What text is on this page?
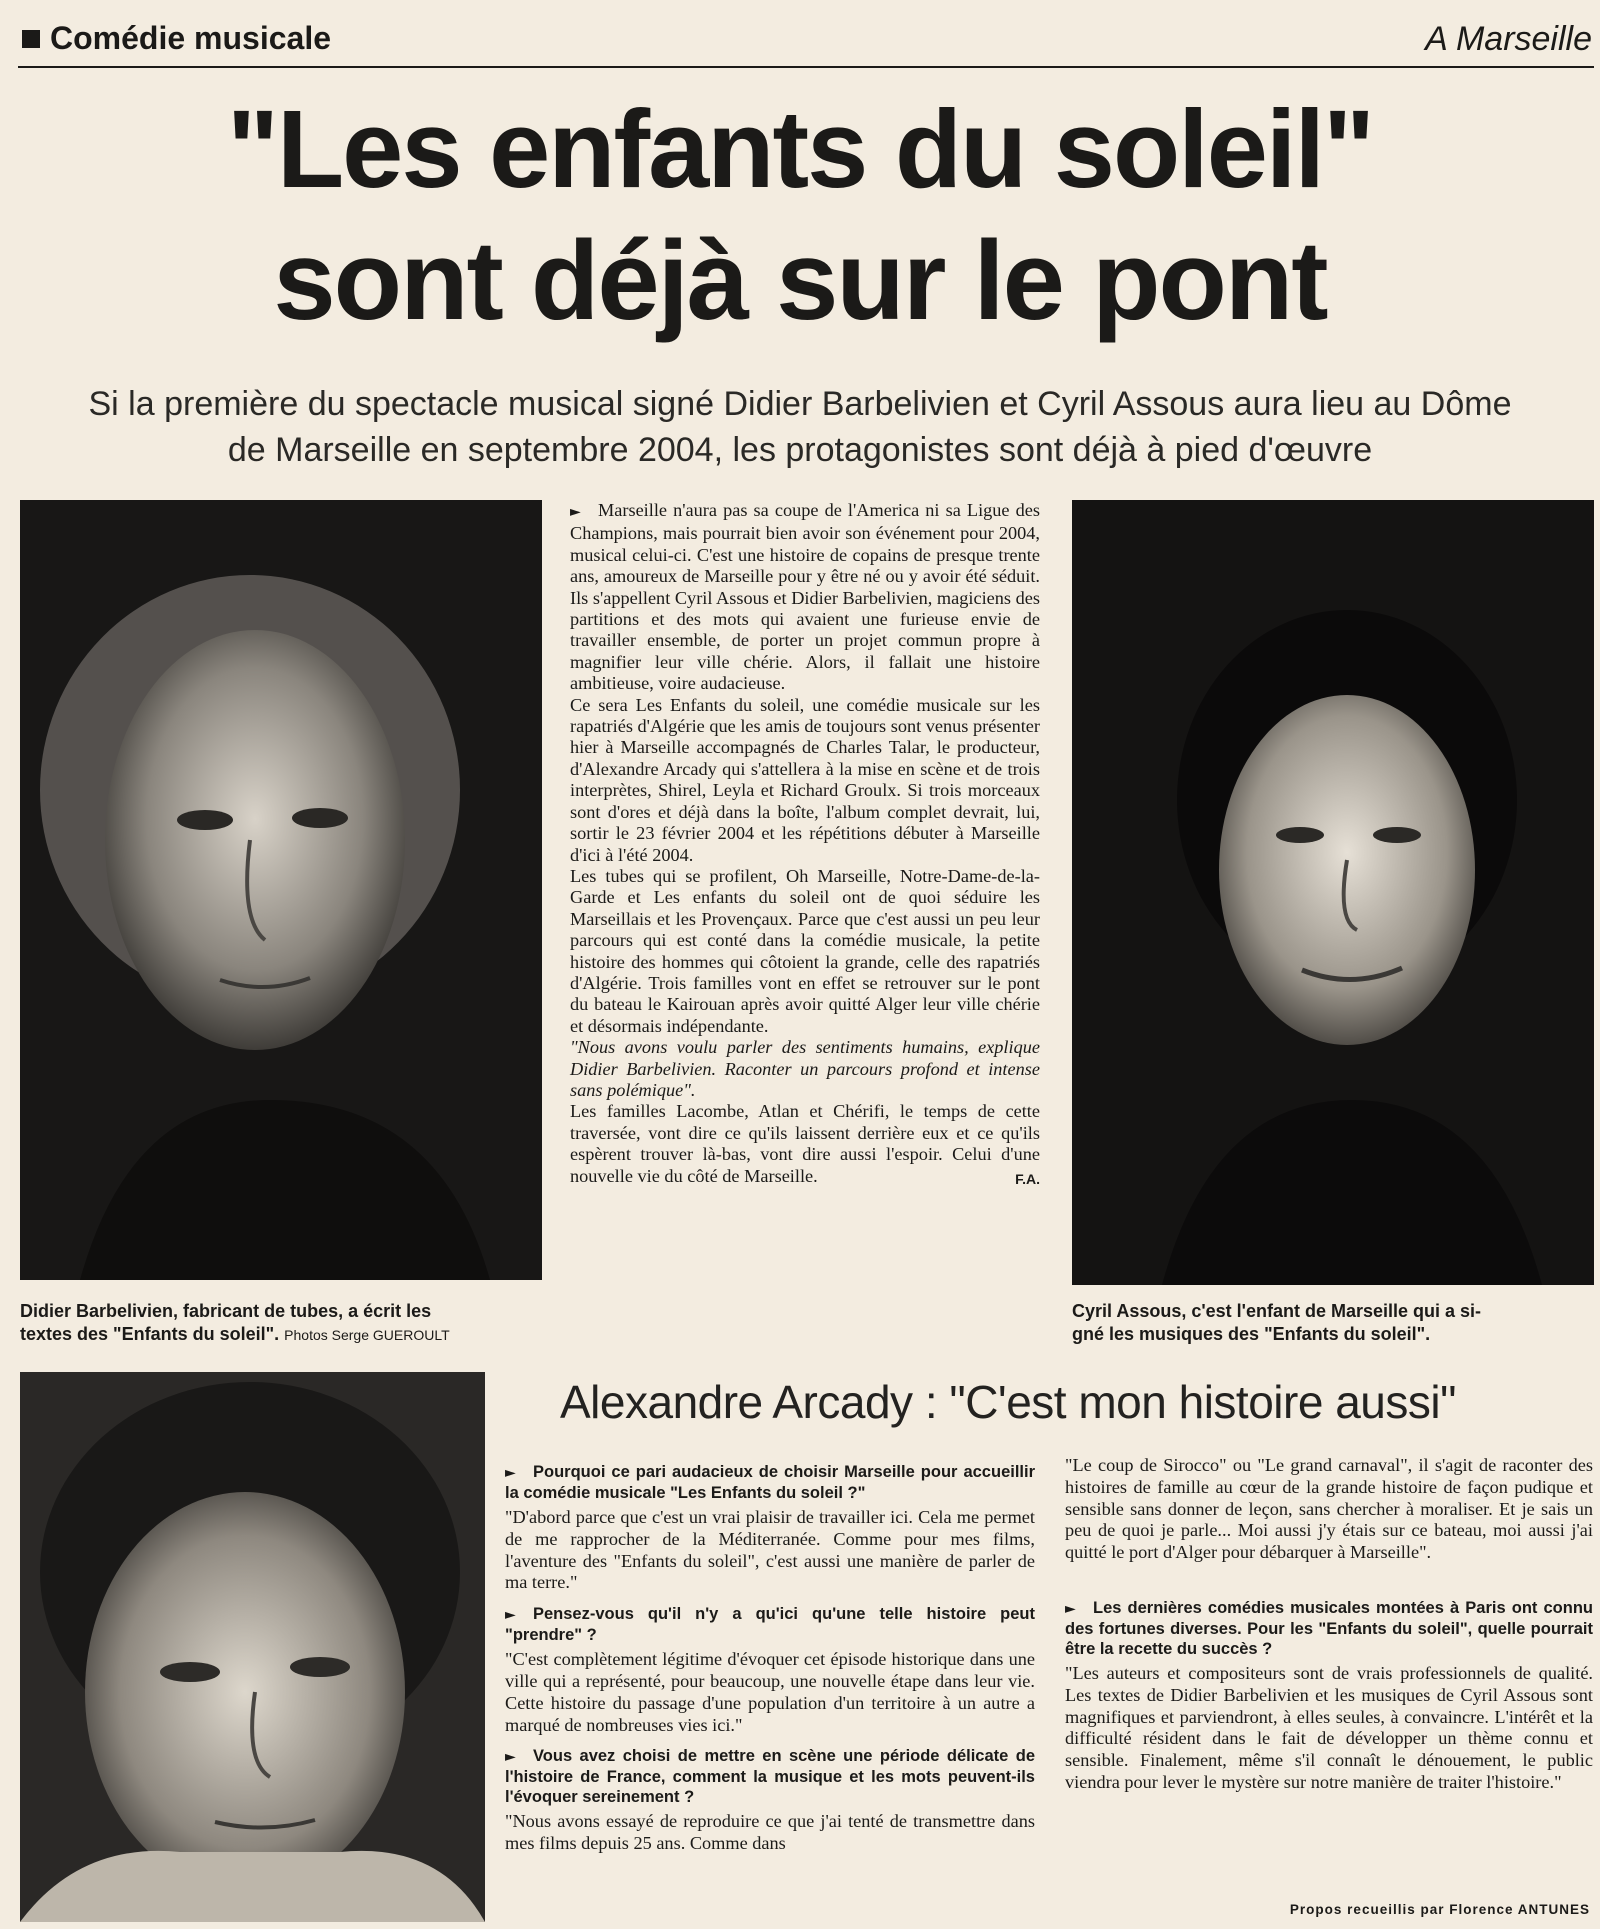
Comédie musicale	A Marseille
"Les enfants du soleil"
sont déjà sur le pont
Si la première du spectacle musical signé Didier Barbelivien et Cyril Assous aura lieu au Dôme
de Marseille en septembre 2004, les protagonistes sont déjà à pied d'œuvre
Didier Barbelivien, fabricant de tubes, a écrit les
textes des "Enfants du soleil". Photos Serge GUEROULT
Cyril Assous, c'est l'enfant de Marseille qui a si-
gné les musiques des "Enfants du soleil".

► Marseille n'aura pas sa coupe de l'America ni sa Ligue des Champions, mais pourrait bien avoir son événement pour 2004, musical celui-ci. C'est une histoire de copains de presque trente ans, amoureux de Marseille pour y être né ou y avoir été séduit. Ils s'appellent Cyril Assous et Didier Barbelivien, magiciens des partitions et des mots qui avaient une furieuse envie de travailler ensemble, de porter un projet commun propre à magnifier leur ville chérie. Alors, il fallait une histoire ambitieuse, voire audacieuse.

Ce sera Les Enfants du soleil, une comédie musicale sur les rapatriés d'Algérie que les amis de toujours sont venus présenter hier à Marseille accompagnés de Charles Talar, le producteur, d'Alexandre Arcady qui s'attellera à la mise en scène et de trois interprètes, Shirel, Leyla et Richard Groulx. Si trois morceaux sont d'ores et déjà dans la boîte, l'album complet devrait, lui, sortir le 23 février 2004 et les répétitions débuter à Marseille d'ici à l'été 2004.

Les tubes qui se profilent, Oh Marseille, Notre-Dame-de-la-Garde et Les enfants du soleil ont de quoi séduire les Marseillais et les Provençaux. Parce que c'est aussi un peu leur parcours qui est conté dans la comédie musicale, la petite histoire des hommes qui côtoient la grande, celle des rapatriés d'Algérie. Trois familles vont en effet se retrouver sur le pont du bateau le Kairouan après avoir quitté Alger leur ville chérie et désormais indépendante.

"Nous avons voulu parler des sentiments humains, explique Didier Barbelivien. Raconter un parcours profond et intense sans polémique".

Les familles Lacombe, Atlan et Chérifi, le temps de cette traversée, vont dire ce qu'ils laissent derrière eux et ce qu'ils espèrent trouver là-bas, vont dire aussi l'espoir. Celui d'une nouvelle vie du côté de Marseille.	F.A.
Alexandre Arcady : "C'est mon histoire aussi"
► Pourquoi ce pari audacieux de choisir Marseille pour accueillir la comédie musicale "Les Enfants du soleil ?"
"D'abord parce que c'est un vrai plaisir de travailler ici. Cela me permet de me rapprocher de la Méditerranée. Comme pour mes films, l'aventure des "Enfants du soleil", c'est aussi une manière de parler de ma terre."
► Pensez-vous qu'il n'y a qu'ici qu'une telle histoire peut "prendre" ?
"C'est complètement légitime d'évoquer cet épisode historique dans une ville qui a représenté, pour beaucoup, une nouvelle étape dans leur vie. Cette histoire du passage d'une population d'un territoire à un autre a marqué de nombreuses vies ici."
► Vous avez choisi de mettre en scène une période délicate de l'histoire de France, comment la musique et les mots peuvent-ils l'évoquer sereinement ?
"Nous avons essayé de reproduire ce que j'ai tenté de transmettre dans mes films depuis 25 ans. Comme dans
"Le coup de Sirocco" ou "Le grand carnaval", il s'agit de raconter des histoires de famille au cœur de la grande histoire de façon pudique et sensible sans donner de leçon, sans chercher à moraliser. Et je sais un peu de quoi je parle... Moi aussi j'y étais sur ce bateau, moi aussi j'ai quitté le port d'Alger pour débarquer à Marseille".
► Les dernières comédies musicales montées à Paris ont connu des fortunes diverses. Pour les "Enfants du soleil", quelle pourrait être la recette du succès ?
"Les auteurs et compositeurs sont de vrais professionnels de qualité. Les textes de Didier Barbelivien et les musiques de Cyril Assous sont magnifiques et parviendront, à elles seules, à convaincre. L'intérêt et la difficulté résident dans le fait de développer un thème connu et sensible. Finalement, même s'il connaît le dénouement, le public viendra pour lever le mystère sur notre manière de traiter l'histoire."
Propos recueillis par Florence ANTUNES
